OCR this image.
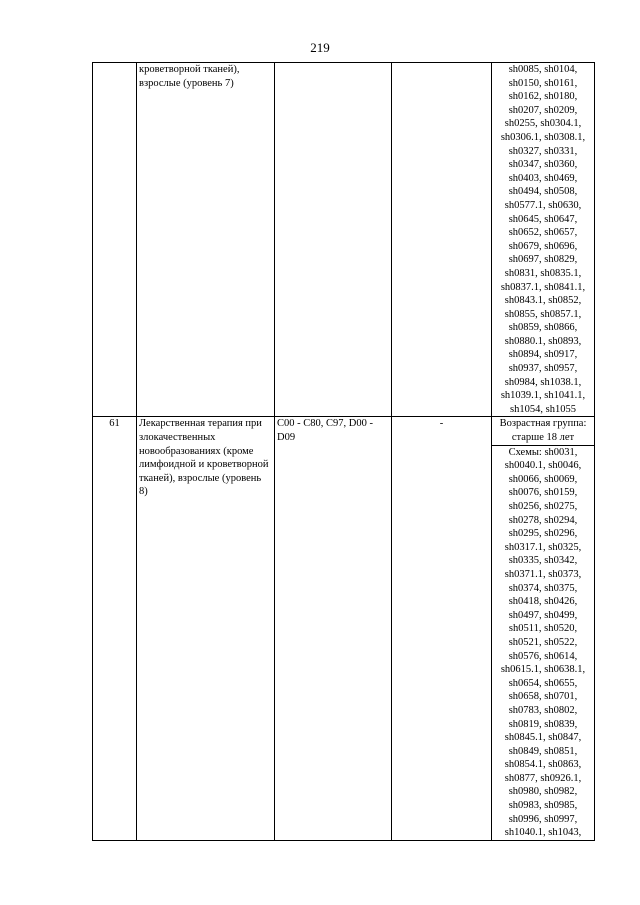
219
	кроветворной тканей), взрослые (уровень 7)			sh0085, sh0104, sh0150, sh0161, sh0162, sh0180, sh0207, sh0209, sh0255, sh0304.1, sh0306.1, sh0308.1, sh0327, sh0331, sh0347, sh0360, sh0403, sh0469, sh0494, sh0508, sh0577.1, sh0630, sh0645, sh0647, sh0652, sh0657, sh0679, sh0696, sh0697, sh0829, sh0831, sh0835.1, sh0837.1, sh0841.1, sh0843.1, sh0852, sh0855, sh0857.1, sh0859, sh0866, sh0880.1, sh0893, sh0894, sh0917, sh0937, sh0957, sh0984, sh1038.1, sh1039.1, sh1041.1, sh1054, sh1055
61	Лекарственная терапия при злокачественных новообразованиях (кроме лимфоидной и кроветворной тканей), взрослые (уровень 8)	C00 - C80, C97, D00 - D09	-	Возрастная группа: старше 18 лет
Схемы: sh0031, sh0040.1, sh0046, sh0066, sh0069, sh0076, sh0159, sh0256, sh0275, sh0278, sh0294, sh0295, sh0296, sh0317.1, sh0325, sh0335, sh0342, sh0371.1, sh0373, sh0374, sh0375, sh0418, sh0426, sh0497, sh0499, sh0511, sh0520, sh0521, sh0522, sh0576, sh0614, sh0615.1, sh0638.1, sh0654, sh0655, sh0658, sh0701, sh0783, sh0802, sh0819, sh0839, sh0845.1, sh0847, sh0849, sh0851, sh0854.1, sh0863, sh0877, sh0926.1, sh0980, sh0982, sh0983, sh0985, sh0996, sh0997, sh1040.1, sh1043,
